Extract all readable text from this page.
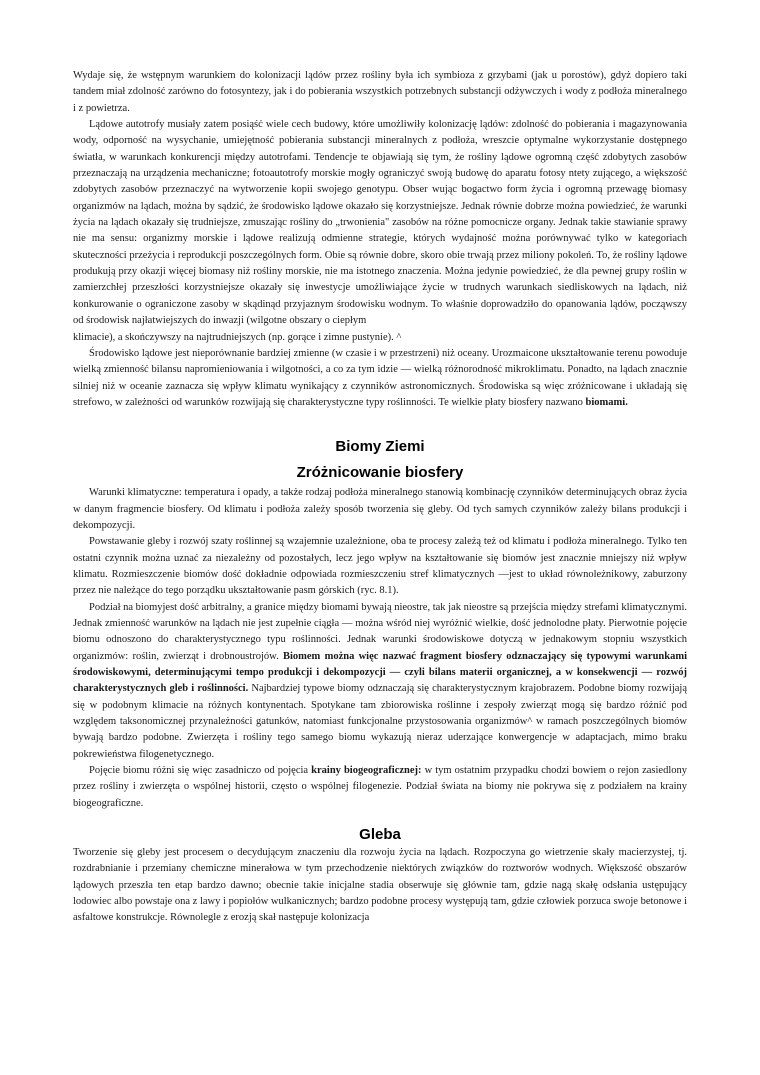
Wydaje się, że wstępnym warunkiem do kolonizacji lądów przez rośliny była ich symbioza z grzybami (jak u porostów), gdyż dopiero taki tandem miał zdolność zarówno do fotosyntezy, jak i do pobierania wszystkich potrzebnych substancji odżywczych i wody z podłoża mineralnego i z powietrza.

Lądowe autotrofy musiały zatem posiąść wiele cech budowy, które umożliwiły kolonizację lądów: zdolność do pobierania i magazynowania wody, odporność na wysychanie, umiejętność pobierania substancji mineralnych z podłoża, wreszcie optymalne wykorzystanie dostępnego światła, w warunkach konkurencji między autotrofami. Tendencje te objawiają się tym, że rośliny lądowe ogromną część zdobytych zasobów przeznaczają na urządzenia mechaniczne; fotoautotrofy morskie mogły ograniczyć swoją budowę do aparatu fotosy ntety zującego, a większość zdobytych zasobów przeznaczyć na wytworzenie kopii swojego genotypu. Obser wując bogactwo form życia i ogromną przewagę biomasy organizmów na lądach, można by sądzić, że środowisko lądowe okazało się korzystniejsze. Jednak równie dobrze można powiedzieć, że warunki życia na lądach okazały się trudniejsze, zmuszając rośliny do „trwonienia" zasobów na różne pomocnicze organy. Jednak takie stawianie sprawy nie ma sensu: organizmy morskie i lądowe realizują odmienne strategie, których wydajność można porównywać tylko w kategoriach skuteczności przeżycia i reprodukcji poszczególnych form. Obie są równie dobre, skoro obie trwają przez miliony pokoleń. To, że rośliny lądowe produkują przy okazji więcej biomasy niż rośliny morskie, nie ma istotnego znaczenia. Można jedynie powiedzieć, że dla pewnej grupy roślin w zamierzchłej przeszłości korzystniejsze okazały się inwestycje umożliwiające życie w trudnych warunkach siedliskowych na lądach, niż konkurowanie o ograniczone zasoby w skądinąd przyjaznym środowisku wodnym. To właśnie doprowadziło do opanowania lądów, począwszy od środowisk najłatwiejszych do inwazji (wilgotne obszary o ciepłym

klimacie), a skończywszy na najtrudniejszych (np. gorące i zimne pustynie). ^

Środowisko lądowe jest nieporównanie bardziej zmienne (w czasie i w przestrzeni) niż oceany. Urozmaicone ukształtowanie terenu powoduje wielką zmienność bilansu napromieniowania i wilgotności, a co za tym idzie — wielką różnorodność mikroklimatu. Ponadto, na lądach znacznie silniej niż w oceanie zaznacza się wpływ klimatu wynikający z czynników astronomicznych. Środowiska są więc zróżnicowane i układają się strefowo, w zależności od warunków rozwijają się charakterystyczne typy roślinności. Te wielkie płaty biosfery nazwano biomami.

Biomy Ziemi
Zróżnicowanie biosfery

Warunki klimatyczne: temperatura i opady, a także rodzaj podłoża mineralnego stanowią kombinację czynników determinujących obraz życia w danym fragmencie biosfery. Od klimatu i podłoża zależy sposób tworzenia się gleby. Od tych samych czynników zależy bilans produkcji i dekompozycji.

Powstawanie gleby i rozwój szaty roślinnej są wzajemnie uzależnione, oba te procesy zależą też od klimatu i podłoża mineralnego. Tylko ten ostatni czynnik można uznać za niezależny od pozostałych, lecz jego wpływ na kształtowanie się biomów jest znacznie mniejszy niż wpływ klimatu. Rozmieszczenie biomów dość dokładnie odpowiada rozmieszczeniu stref klimatycznych —jest to układ równoleżnikowy, zaburzony przez nie należące do tego porządku ukształtowanie pasm górskich (ryc. 8.1).

Podział na biomyjest dość arbitralny, a granice między biomami bywają nieostre, tak jak nieostre są przejścia między strefami klimatycznymi. Jednak zmienność warunków na lądach nie jest zupełnie ciągła — można wśród niej wyróżnić wielkie, dość jednolodne płaty. Pierwotnie pojęcie biomu odnoszono do charakterystycznego typu roślinności. Jednak warunki środowiskowe dotyczą w jednakowym stopniu wszystkich organizmów: roślin, zwierząt i drobnoustrojów. Biomem można więc nazwać fragment biosfery odznaczający się typowymi warunkami środowiskowymi, determinującymi tempo produkcji i dekompozycji — czyli bilans materii organicznej, a w konsekwencji — rozwój charakterystycznych gleb i roślinności. Najbardziej typowe biomy odznaczają się charakterystycznym krajobrazem. Podobne biomy rozwijają się w podobnym klimacie na różnych kontynentach. Spotykane tam zbiorowiska roślinne i zespoły zwierząt mogą się bardzo różnić pod względem taksonomicznej przynależności gatunków, natomiast funkcjonalne przystosowania organizmów^ w ramach poszczególnych biomów bywają bardzo podobne. Zwierzęta i rośliny tego samego biomu wykazują nieraz uderzające konwergencje w adaptacjach, mimo braku pokrewieństwa filogenetycznego.

Pojęcie biomu różni się więc zasadniczo od pojęcia krainy biogeograficznej: w tym ostatnim przypadku chodzi bowiem o rejon zasiedlony przez rośliny i zwierzęta o wspólnej historii, często o wspólnej filogenezie. Podział świata na biomy nie pokrywa się z podziałem na krainy biogeograficzne.

Gleba

Tworzenie się gleby jest procesem o decydującym znaczeniu dla rozwoju życia na lądach. Rozpoczyna go wietrzenie skały macierzystej, tj. rozdrabnianie i przemiany chemiczne minerałowa w tym przechodzenie niektórych związków do roztworów wodnych. Większość obszarów lądowych przeszła ten etap bardzo dawno; obecnie takie inicjalne stadia obserwuje się głównie tam, gdzie nagą skałę odsłania ustępujący lodowiec albo powstaje ona z lawy i popiołów wulkanicznych; bardzo podobne procesy występują tam, gdzie człowiek porzuca swoje betonowe i asfaltowe konstrukcje. Równolegle z erozją skał następuje kolonizacja
